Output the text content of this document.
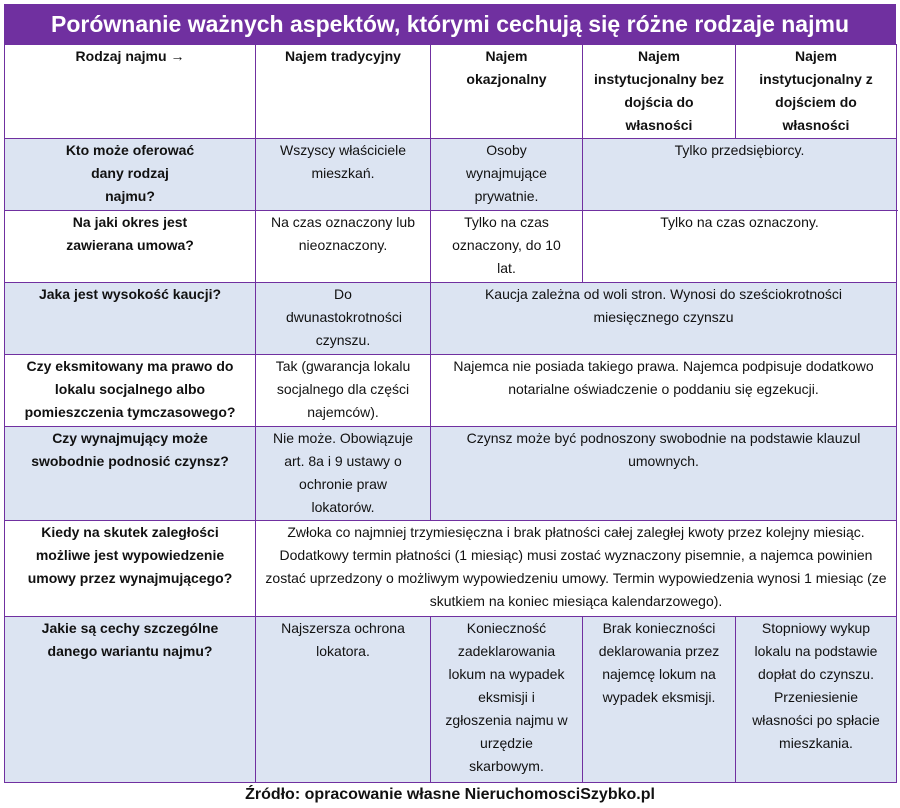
Porównanie ważnych aspektów, którymi cechują się różne rodzaje najmu
Rodzaj najmu →	Najem tradycyjny	Najem okazjonalny	Najem instytucjonalny bez dojścia do własności	Najem instytucjonalny z dojściem do własności
Kto może oferować dany rodzaj najmu?	Wszyscy właściciele mieszkań.	Osoby wynajmujące prywatnie.	Tylko przedsiębiorcy.	
Na jaki okres jest zawierana umowa?	Na czas oznaczony lub nieoznaczony.	Tylko na czas oznaczony, do 10 lat.	Tylko na czas oznaczony.	
Jaka jest wysokość kaucji?	Do dwunastokrotności czynszu.	Kaucja zależna od woli stron. Wynosi do sześciokrotności miesięcznego czynszu		
Czy eksmitowany ma prawo do lokalu socjalnego albo pomieszczenia tymczasowego?	Tak (gwarancja lokalu socjalnego dla części najemców).	Najemca nie posiada takiego prawa. Najemca podpisuje dodatkowo notarialne oświadczenie o poddaniu się egzekucji.		
Czy wynajmujący może swobodnie podnosić czynsz?	Nie może. Obowiązuje art. 8a i 9 ustawy o ochronie praw lokatorów.	Czynsz może być podnoszony swobodnie na podstawie klauzul umownych.		
Kiedy na skutek zaległości możliwe jest wypowiedzenie umowy przez wynajmującego?	Zwłoka co najmniej trzymiesięczna i brak płatności całej zaległej kwoty przez kolejny miesiąc. Dodatkowy termin płatności (1 miesiąc) musi zostać wyznaczony pisemnie, a najemca powinien zostać uprzedzony o możliwym wypowiedzeniu umowy. Termin wypowiedzenia wynosi 1 miesiąc (ze skutkiem na koniec miesiąca kalendarzowego).			
Jakie są cechy szczególne danego wariantu najmu?	Najszersza ochrona lokatora.	Konieczność zadeklarowania lokum na wypadek eksmisji i zgłoszenia najmu w urzędzie skarbowym.	Brak konieczności deklarowania przez najemcę lokum na wypadek eksmisji.	Stopniowy wykup lokalu na podstawie dopłat do czynszu. Przeniesienie własności po spłacie mieszkania.
Źródło: opracowanie własne NieruchomosciSzybko.pl
